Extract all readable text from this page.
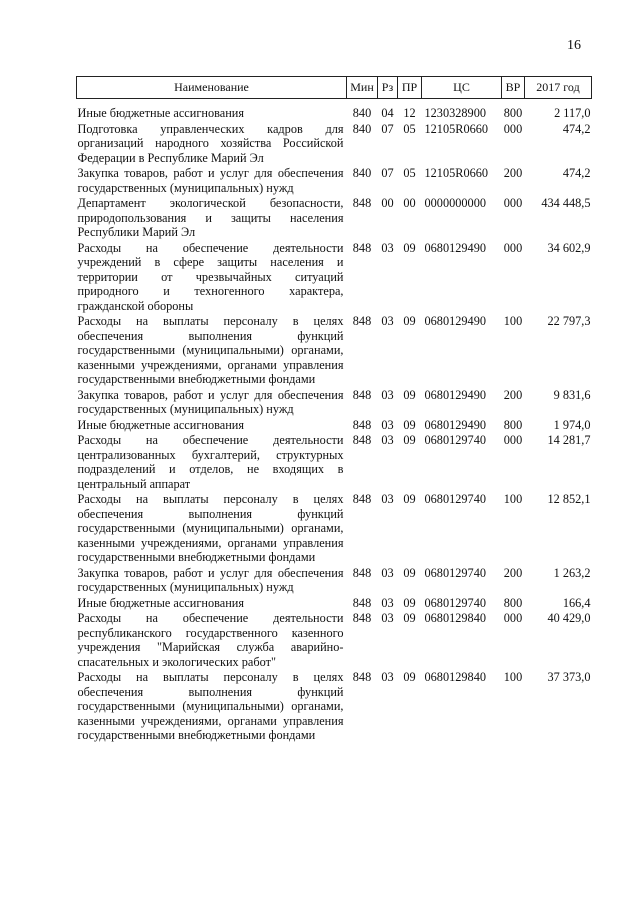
16
Наименование	Мин	Рз	ПР	ЦС	ВР	2017 год

Иные бюджетные ассигнования	840	04	12	1230328900	800	2 117,0
Подготовка управленческих кадров для организаций народного хозяйства Российской Федерации в Республике Марий Эл	840	07	05	12105R0660	000	474,2
Закупка товаров, работ и услуг для обеспечения государственных (муниципальных) нужд	840	07	05	12105R0660	200	474,2
Департамент экологической безопасности, природопользования и защиты населения Республики Марий Эл	848	00	00	0000000000	000	434 448,5
Расходы на обеспечение деятельности учреждений в сфере защиты населения и территории от чрезвычайных ситуаций природного и техногенного характера, гражданской обороны	848	03	09	0680129490	000	34 602,9
Расходы на выплаты персоналу в целях обеспечения выполнения функций государственными (муниципальными) органами, казенными учреждениями, органами управления государственными внебюджетными фондами	848	03	09	0680129490	100	22 797,3
Закупка товаров, работ и услуг для обеспечения государственных (муниципальных) нужд	848	03	09	0680129490	200	9 831,6
Иные бюджетные ассигнования	848	03	09	0680129490	800	1 974,0
Расходы на обеспечение деятельности централизованных бухгалтерий, структурных подразделений и отделов, не входящих в центральный аппарат	848	03	09	0680129740	000	14 281,7
Расходы на выплаты персоналу в целях обеспечения выполнения функций государственными (муниципальными) органами, казенными учреждениями, органами управления государственными внебюджетными фондами	848	03	09	0680129740	100	12 852,1
Закупка товаров, работ и услуг для обеспечения государственных (муниципальных) нужд	848	03	09	0680129740	200	1 263,2
Иные бюджетные ассигнования	848	03	09	0680129740	800	166,4
Расходы на обеспечение деятельности республиканского государственного казенного учреждения "Марийская служба аварийно-спасательных и экологических работ"	848	03	09	0680129840	000	40 429,0
Расходы на выплаты персоналу в целях обеспечения выполнения функций государственными (муниципальными) органами, казенными учреждениями, органами управления государственными внебюджетными фондами	848	03	09	0680129840	100	37 373,0
